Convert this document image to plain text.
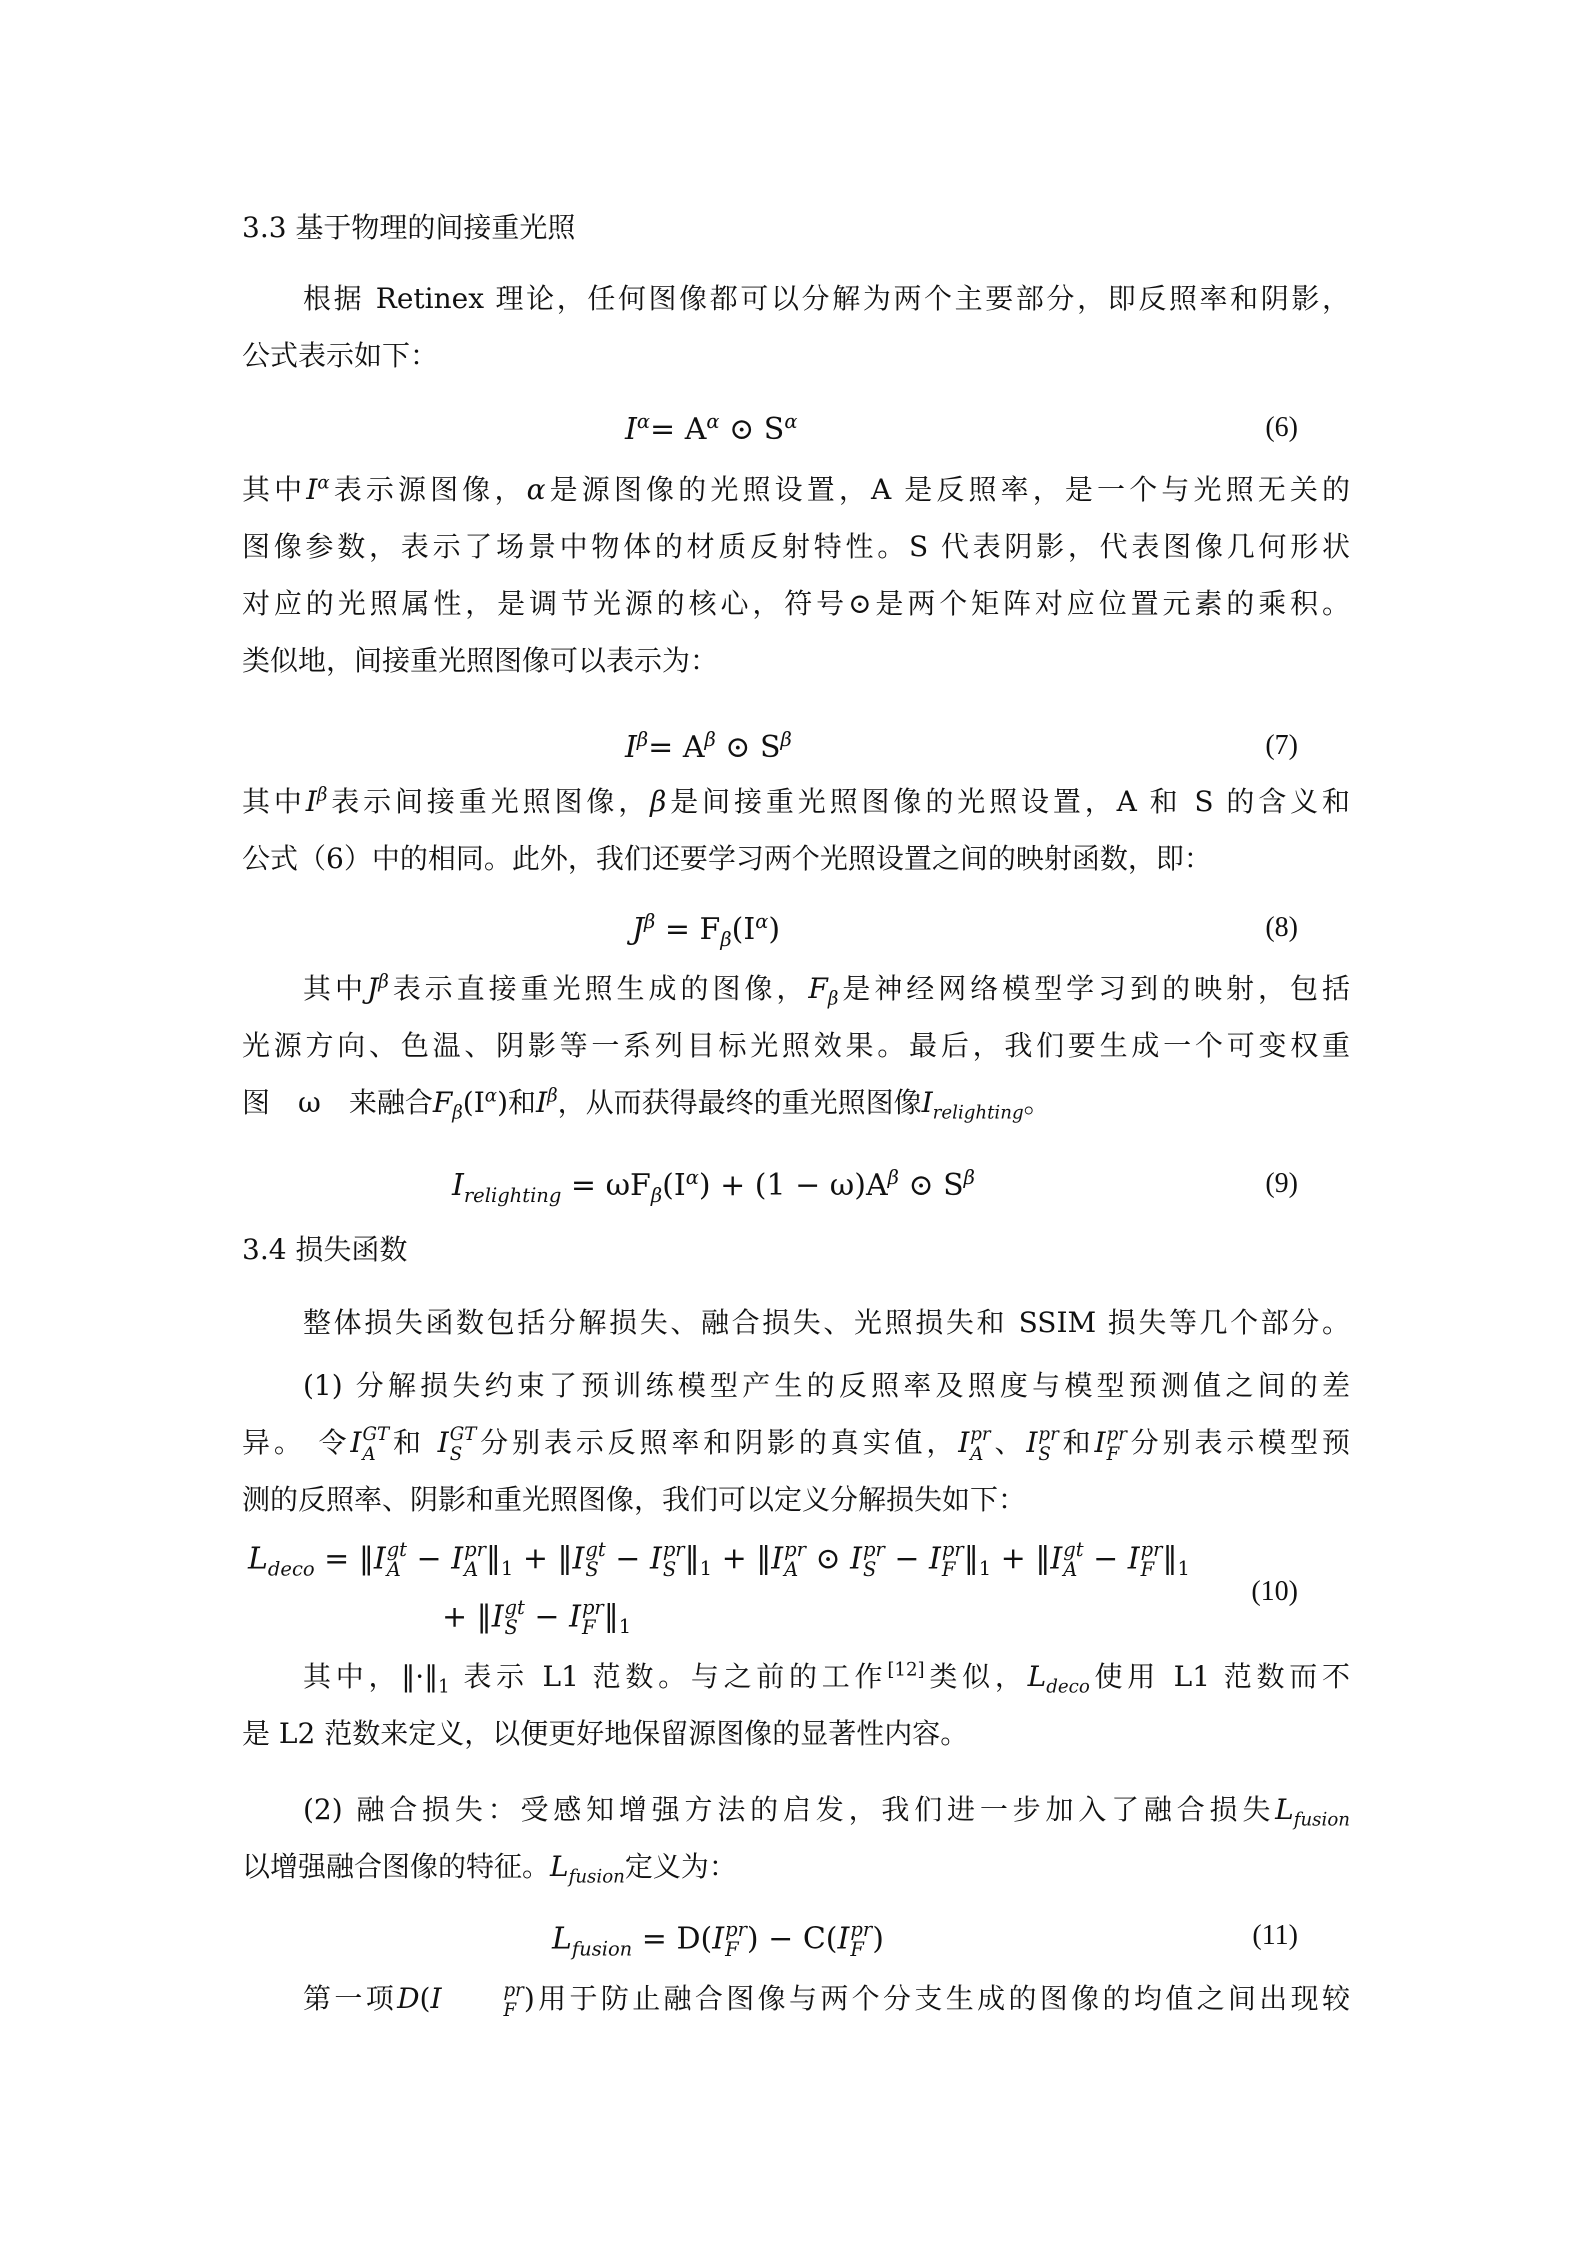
3.3 基于物理的间接重光照
根据 Retinex 理论，任何图像都可以分解为两个主要部分，即反照率和阴影，
公式表示如下：
$I^\alpha= A^\alpha$ ⊙ $S^\alpha$	(6)
其中$I^\alpha$表示源图像，α是源图像的光照设置，A 是反照率，是一个与光照无关的
图像参数，表示了场景中物体的材质反射特性。S 代表阴影，代表图像几何形状
对应的光照属性，是调节光源的核心，符号⊙是两个矩阵对应位置元素的乘积。
类似地，间接重光照图像可以表示为：
$I^\beta= A^\beta$ ⊙ $S^\beta$	(7)
其中$I^\beta$表示间接重光照图像，β是间接重光照图像的光照设置，A 和 S 的含义和
公式（6）中的相同。此外，我们还要学习两个光照设置之间的映射函数，即：
$J^\beta = F_\beta(I^\alpha)$	(8)
其中$J^\beta$表示直接重光照生成的图像，$F_\beta$是神经网络模型学习到的映射，包括
光源方向、色温、阴影等一系列目标光照效果。最后，我们要生成一个可变权重
图　ω　来融合$F_\beta(I^\alpha)$和$I^\beta$，从而获得最终的重光照图像$I_{relighting}$。
$I_{relighting} = \omega F_\beta(I^\alpha) + (1 - \omega)A^\beta$ ⊙ $S^\beta$	(9)
3.4 损失函数
整体损失函数包括分解损失、融合损失、光照损失和 SSIM 损失等几个部分。
(1) 分解损失约束了预训练模型产生的反照率及照度与模型预测值之间的差
异。 令I GT
A 和 I GT
S 分别表示反照率和阴影的真实值，I pr
A 、I pr
S 和I pr
F 分别表示模型预
测的反照率、阴影和重光照图像，我们可以定义分解损失如下：
$L_{deco}$ = ‖I gt
A − I pr
A $‖_1$ + ‖I gt
S − I pr
S $‖_1$ + ‖I pr
A ⊙ I pr
S − I pr
F $‖_1$ + ‖I gt
A − I pr
F $‖_1$
+ ‖I gt
S − I pr
F $‖_1$
(10)
其中，$‖\cdot‖_1$ 表示 L1 范数。与之前的工作[12]类似，$L_{deco}$使用 L1 范数而不
是 L2 范数来定义，以便更好地保留源图像的显著性内容。
(2) 融合损失：受感知增强方法的启发，我们进一步加入了融合损失$L_{fusion}$
以增强融合图像的特征。$L_{fusion}$定义为：
$L_{fusion} = D(I$ pr
F ) − C(I pr
F )	(11)
第一项D(I	pr
F )用于防止融合图像与两个分支生成的图像的均值之间出现较
